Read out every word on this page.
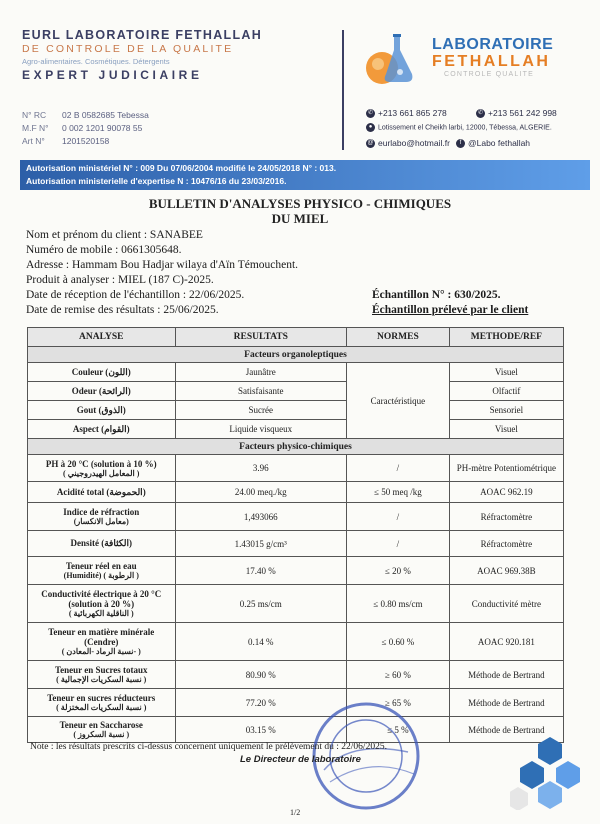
EURL LABORATOIRE FETHALLAH
DE CONTROLE DE LA QUALITE
Agro-alimentaires. Cosmétiques. Détergents
EXPERT JUDICIAIRE
N° RC 02 B 0582685 Tebessa
M.F N° 0 002 1201 90078 55
Art N° 1201520158
LABORATOIRE
FETHALLAH
CONTROLE QUALITE
✆ +213 661 865 278	✆ +213 561 242 998
● Lotissement el Cheikh larbi, 12000, Tébessa, ALGERIE.
@ eurlabo@hotmail.fr	f @Labo fethallah
Autorisation ministériel N° : 009 Du 07/06/2004 modifié le 24/05/2018 N° : 013.
Autorisation ministerielle d'expertise N : 10476/16 du 23/03/2016.
BULLETIN D'ANALYSES PHYSICO - CHIMIQUES
DU MIEL
Nom et prénom du client : SANABEE
Numéro de mobile : 0661305648.
Adresse : Hammam Bou Hadjar wilaya d'Aïn Témouchent.
Produit à analyser : MIEL (187 C)-2025.
Date de réception de l'échantillon : 22/06/2025.
Date de remise des résultats : 25/06/2025.
Échantillon N° : 630/2025.
Échantillon prélevé par le client
ANALYSE	RESULTATS	NORMES	METHODE/REF
Facteurs organoleptiques			
Couleur (اللون)	Jaunâtre	Caractéristique	Visuel
Odeur (الرائحة)	Satisfaisante		Olfactif
Gout (الذوق)	Sucrée		Sensoriel
Aspect (القوام)	Liquide visqueux		Visuel
Facteurs physico-chimiques			
PH à 20 °C (solution à 10 %)
( المعامل الهيدروجيني )	3.96	/	PH-mètre Potentiométrique
Acidité total (الحموضة)	24.00 meq./kg	≤ 50 meq /kg	AOAC 962.19
Indice de réfraction
(معامل الانكسار)	1,493066	/	Réfractomètre
Densité (الكثافة)	1.43015 g/cm³	/	Réfractomètre
Teneur réel en eau
(Humidité) ( الرطوبة )	17.40 %	≤ 20 %	AOAC 969.38B
Conductivité électrique à 20 °C (solution à 20 %)
( الناقلية الكهربائية )	0.25 ms/cm	≤ 0.80 ms/cm	Conductivité mètre
Teneur en matière minérale (Cendre)
( نسبة الرماد -المعادن- )	0.14 %	≤ 0.60 %	AOAC 920.181
Teneur en Sucres totaux
( نسبة السكريات الإجمالية )	80.90 %	≥ 60 %	Méthode de Bertrand
Teneur en sucres réducteurs
( نسبة السكريات المختزلة )	77.20 %	≥ 65 %	Méthode de Bertrand
Teneur en Saccharose
( نسبة السكروز )	03.15 %	≤ 5 %	Méthode de Bertrand
Note : les résultats prescrits ci-dessus concernent uniquement le prélèvement du : 22/06/2025.
Le Directeur de laboratoire
1/2
